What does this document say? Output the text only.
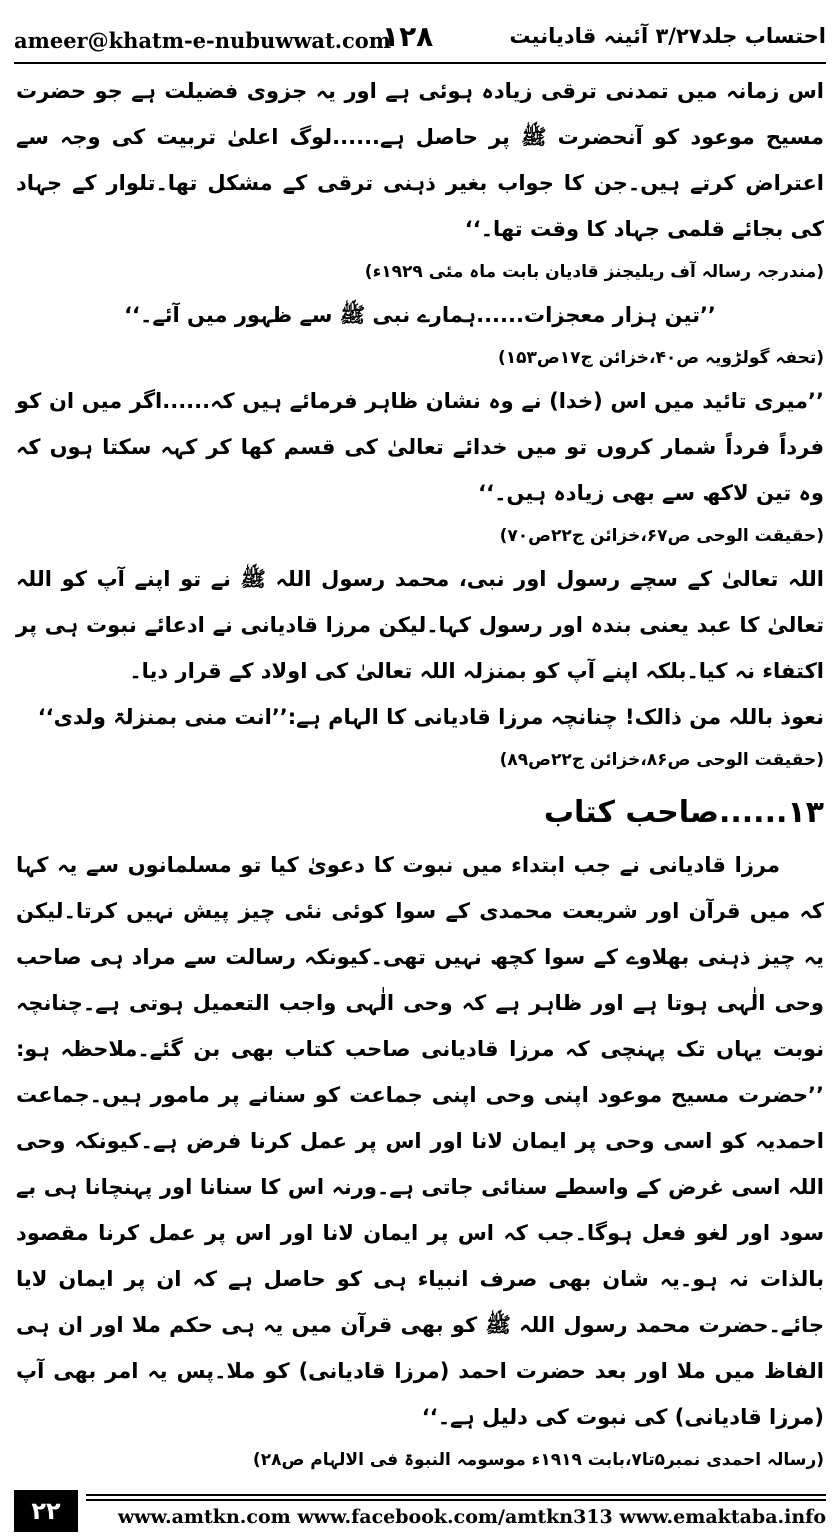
ameer@khatm-e-nubuwwat.com
۱۲۸	احتساب جلد۳/۲۷ آئینہ قادیانیت

اس زمانہ میں تمدنی ترقی زیادہ ہوئی ہے اور یہ جزوی فضیلت ہے جو حضرت مسیح موعود کو آنحضرت ﷺ پر حاصل ہے......لوگ اعلیٰ تربیت کی وجہ سے اعتراض کرتے ہیں۔جن کا جواب بغیر ذہنی ترقی کے مشکل تھا۔تلوار کے جہاد کی بجائے قلمی جہاد کا وقت تھا۔‘‘

(مندرجہ رسالہ آف ریلیجنز قادیان بابت ماہ مئی ۱۹۲۹ء)

’’تین ہزار معجزات......ہمارے نبی ﷺ سے ظہور میں آئے۔‘‘

(تحفہ گولڑویہ ص۴۰،خزائن ج۱۷ص۱۵۳)

’’میری تائید میں اس (خدا) نے وہ نشان ظاہر فرمائے ہیں کہ......اگر میں ان کو فرداً فرداً شمار کروں تو میں خدائے تعالیٰ کی قسم کھا کر کہہ سکتا ہوں کہ وہ تین لاکھ سے بھی زیادہ ہیں۔‘‘

(حقیقت الوحی ص۶۷،خزائن ج۲۲ص۷۰)

اللہ تعالیٰ کے سچے رسول اور نبی، محمد رسول اللہ ﷺ نے تو اپنے آپ کو اللہ تعالیٰ کا عبد یعنی بندہ اور رسول کہا۔لیکن مرزا قادیانی نے ادعائے نبوت ہی پر اکتفاء نہ کیا۔بلکہ اپنے آپ کو بمنزلہ اللہ تعالیٰ کی اولاد کے قرار دیا۔

نعوذ باللہ من ذالک! چنانچہ مرزا قادیانی کا الہام ہے:’’انت منی بمنزلۃ ولدی‘‘

(حقیقت الوحی ص۸۶،خزائن ج۲۲ص۸۹)

۱۳......صاحب کتاب

مرزا قادیانی نے جب ابتداء میں نبوت کا دعویٰ کیا تو مسلمانوں سے یہ کہا کہ میں قرآن اور شریعت محمدی کے سوا کوئی نئی چیز پیش نہیں کرتا۔لیکن یہ چیز ذہنی بھلاوے کے سوا کچھ نہیں تھی۔کیونکہ رسالت سے مراد ہی صاحب وحی الٰہی ہوتا ہے اور ظاہر ہے کہ وحی الٰہی واجب التعمیل ہوتی ہے۔چنانچہ نوبت یہاں تک پہنچی کہ مرزا قادیانی صاحب کتاب بھی بن گئے۔ملاحظہ ہو: ’’حضرت مسیح موعود اپنی وحی اپنی جماعت کو سنانے پر مامور ہیں۔جماعت احمدیہ کو اسی وحی پر ایمان لانا اور اس پر عمل کرنا فرض ہے۔کیونکہ وحی اللہ اسی غرض کے واسطے سنائی جاتی ہے۔ورنہ اس کا سنانا اور پہنچانا ہی بے سود اور لغو فعل ہوگا۔جب کہ اس پر ایمان لانا اور اس پر عمل کرنا مقصود بالذات نہ ہو۔یہ شان بھی صرف انبیاء ہی کو حاصل ہے کہ ان پر ایمان لایا جائے۔حضرت محمد رسول اللہ ﷺ کو بھی قرآن میں یہ ہی حکم ملا اور ان ہی الفاظ میں ملا اور بعد حضرت احمد (مرزا قادیانی) کو ملا۔پس یہ امر بھی آپ (مرزا قادیانی) کی نبوت کی دلیل ہے۔‘‘

(رسالہ احمدی نمبر۵تا۷،بابت ۱۹۱۹ء موسومہ النبوۃ فی الالہام ص۲۸)

۲۲	www.amtkn.com www.facebook.com/amtkn313 www.emaktaba.info
